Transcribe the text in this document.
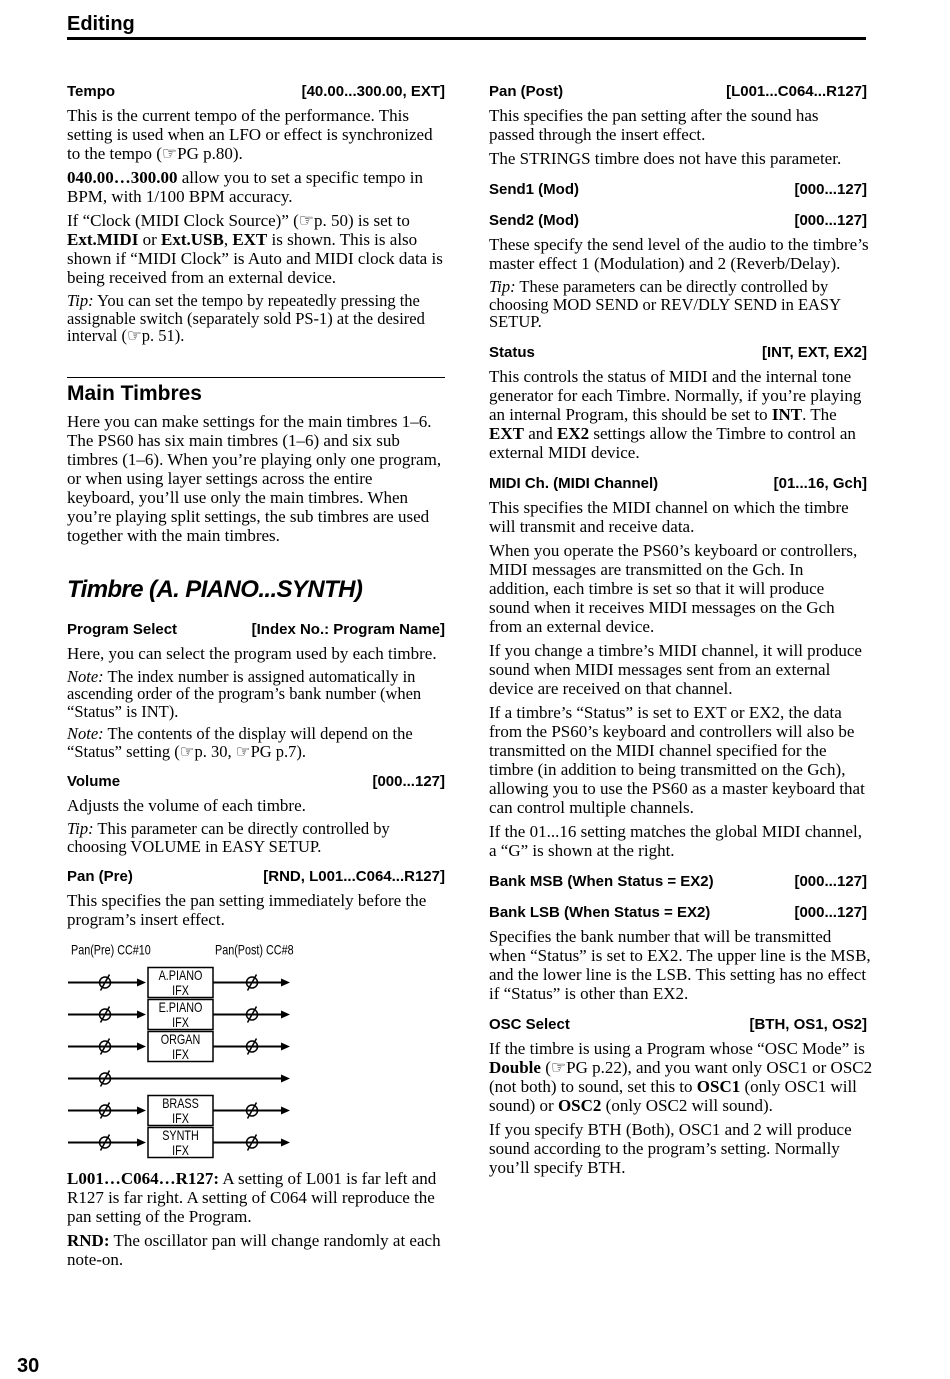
Editing
Tempo	[40.00...300.00, EXT]
This is the current tempo of the performance. This
setting is used when an LFO or effect is synchronized
to the tempo (☞PG p.80).
040.00…300.00 allow you to set a specific tempo in
BPM, with 1/100 BPM accuracy.
If “Clock (MIDI Clock Source)” (☞p. 50) is set to
Ext.MIDI or Ext.USB, EXT is shown. This is also
shown if “MIDI Clock” is Auto and MIDI clock data is
being received from an external device.
Tip: You can set the tempo by repeatedly pressing the
assignable switch (separately sold PS-1) at the desired
interval (☞p. 51).
Main Timbres
Here you can make settings for the main timbres 1–6.
The PS60 has six main timbres (1–6) and six sub
timbres (1–6). When you’re playing only one program,
or when using layer settings across the entire
keyboard, you’ll use only the main timbres. When
you’re playing split settings, the sub timbres are used
together with the main timbres.
Timbre (A. PIANO...SYNTH)
Program Select	[Index No.: Program Name]
Here, you can select the program used by each timbre.
Note: The index number is assigned automatically in
ascending order of the program’s bank number (when
“Status” is INT).
Note: The contents of the display will depend on the
“Status” setting (☞p. 30, ☞PG p.7).
Volume	[000...127]
Adjusts the volume of each timbre.
Tip: This parameter can be directly controlled by
choosing VOLUME in EASY SETUP.
Pan (Pre)	[RND, L001...C064...R127]
This specifies the pan setting immediately before the
program’s insert effect.
Pan(Pre) CC#10	Pan(Post) CC#8
A.PIANO
IFX
E.PIANO
IFX
ORGAN
IFX
BRASS
IFX
SYNTH
IFX
L001…C064…R127: A setting of L001 is far left and
R127 is far right. A setting of C064 will reproduce the
pan setting of the Program.
RND: The oscillator pan will change randomly at each
note-on.
Pan (Post)	[L001...C064...R127]
This specifies the pan setting after the sound has
passed through the insert effect.
The STRINGS timbre does not have this parameter.
Send1 (Mod)	[000...127]
Send2 (Mod)	[000...127]
These specify the send level of the audio to the timbre’s
master effect 1 (Modulation) and 2 (Reverb/Delay).
Tip: These parameters can be directly controlled by
choosing MOD SEND or REV/DLY SEND in EASY
SETUP.
Status	[INT, EXT, EX2]
This controls the status of MIDI and the internal tone
generator for each Timbre. Normally, if you’re playing
an internal Program, this should be set to INT. The
EXT and EX2 settings allow the Timbre to control an
external MIDI device.
MIDI Ch. (MIDI Channel)	[01...16, Gch]
This specifies the MIDI channel on which the timbre
will transmit and receive data.
When you operate the PS60’s keyboard or controllers,
MIDI messages are transmitted on the Gch. In
addition, each timbre is set so that it will produce
sound when it receives MIDI messages on the Gch
from an external device.
If you change a timbre’s MIDI channel, it will produce
sound when MIDI messages sent from an external
device are received on that channel.
If a timbre’s “Status” is set to EXT or EX2, the data
from the PS60’s keyboard and controllers will also be
transmitted on the MIDI channel specified for the
timbre (in addition to being transmitted on the Gch),
allowing you to use the PS60 as a master keyboard that
can control multiple channels.
If the 01...16 setting matches the global MIDI channel,
a “G” is shown at the right.
Bank MSB (When Status = EX2)	[000...127]
Bank LSB (When Status = EX2)	[000...127]
Specifies the bank number that will be transmitted
when “Status” is set to EX2. The upper line is the MSB,
and the lower line is the LSB. This setting has no effect
if “Status” is other than EX2.
OSC Select	[BTH, OS1, OS2]
If the timbre is using a Program whose “OSC Mode” is
Double (☞PG p.22), and you want only OSC1 or OSC2
(not both) to sound, set this to OSC1 (only OSC1 will
sound) or OSC2 (only OSC2 will sound).
If you specify BTH (Both), OSC1 and 2 will produce
sound according to the program’s setting. Normally
you’ll specify BTH.
30
